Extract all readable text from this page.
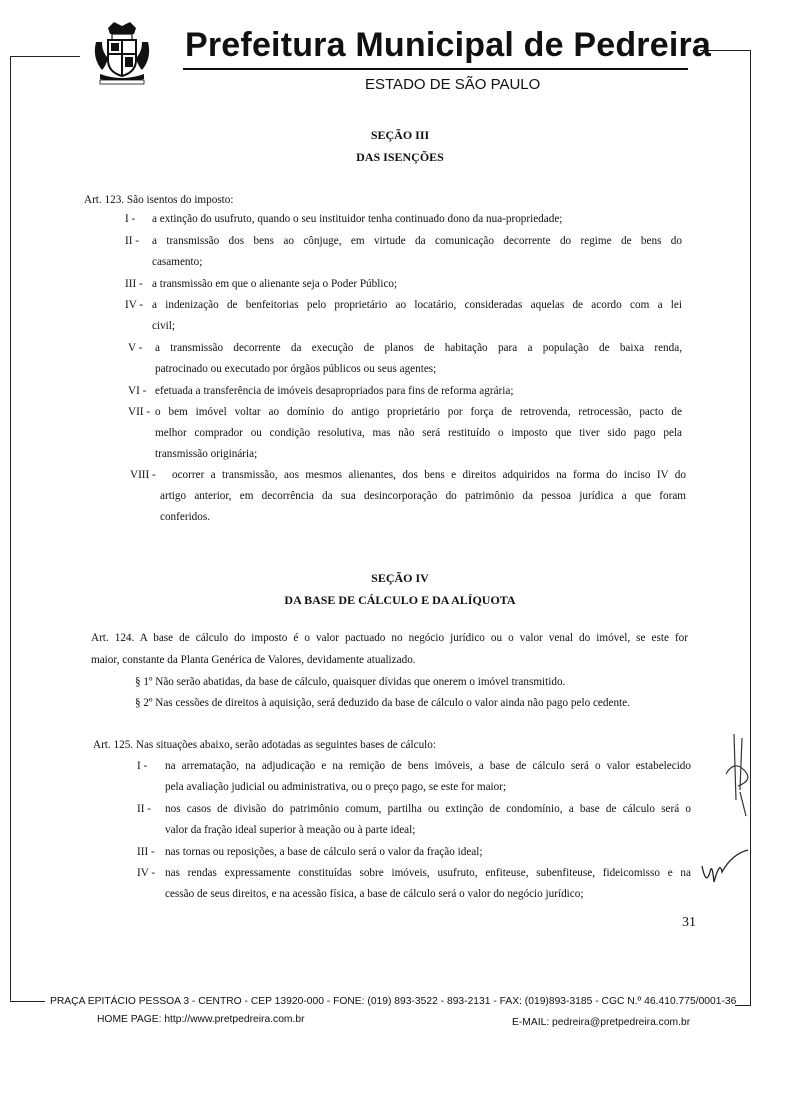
Prefeitura Municipal de Pedreira
ESTADO DE SÃO PAULO
SEÇÃO III
DAS ISENÇÕES
Art. 123. São isentos do imposto:
I - a extinção do usufruto, quando o seu instituidor tenha continuado dono da nua-propriedade;
II - a transmissão dos bens ao cônjuge, em virtude da comunicação decorrente do regime de bens do
casamento;
III - a transmissão em que o alienante seja o Poder Público;
IV - a indenização de benfeitorias pelo proprietário ao locatário, consideradas aquelas de acordo com a lei
civil;
V - a transmissão decorrente da execução de planos de habitação para a população de baixa renda,
patrocinado ou executado por órgãos públicos ou seus agentes;
VI - efetuada a transferência de imóveis desapropriados para fins de reforma agrária;
VII - o bem imóvel voltar ao domínio do antigo proprietário por força de retrovenda, retrocessão, pacto de
melhor comprador ou condição resolutiva, mas não será restituído o imposto que tiver sido pago pela
transmissão originária;
VIII - ocorrer a transmissão, aos mesmos alienantes, dos bens e direitos adquiridos na forma do inciso IV do
artigo anterior, em decorrência da sua desincorporação do patrimônio da pessoa jurídica a que foram
conferidos.
SEÇÃO IV
DA BASE DE CÁLCULO E DA ALÍQUOTA
Art. 124. A base de cálculo do imposto é o valor pactuado no negócio jurídico ou o valor venal do imóvel, se este for
maior, constante da Planta Genérica de Valores, devidamente atualizado.
§ 1º Não serão abatidas, da base de cálculo, quaisquer dívidas que onerem o imóvel transmitido.
§ 2º Nas cessões de direitos à aquisição, será deduzido da base de cálculo o valor ainda não pago pelo cedente.
Art. 125. Nas situações abaixo, serão adotadas as seguintes bases de cálculo:
I - na arrematação, na adjudicação e na remição de bens imóveis, a base de cálculo será o valor estabelecido
pela avaliação judicial ou administrativa, ou o preço pago, se este for maior;
II - nos casos de divisão do patrimônio comum, partilha ou extinção de condomínio, a base de cálculo será o
valor da fração ideal superior à meação ou à parte ideal;
III - nas tornas ou reposições, a base de cálculo será o valor da fração ideal;
IV - nas rendas expressamente constituídas sobre imóveis, usufruto, enfiteuse, subenfiteuse, fideicomisso e na
cessão de seus direitos, e na acessão física, a base de cálculo será o valor do negócio jurídico;
31
PRAÇA EPITÁCIO PESSOA 3 - CENTRO - CEP 13920-000 - FONE: (019) 893-3522 - 893-2131 - FAX: (019)893-3185 - CGC N.º 46.410.775/0001-36
HOME PAGE: http://www.pretpedreira.com.br	E-MAIL: pedreira@pretpedreira.com.br
